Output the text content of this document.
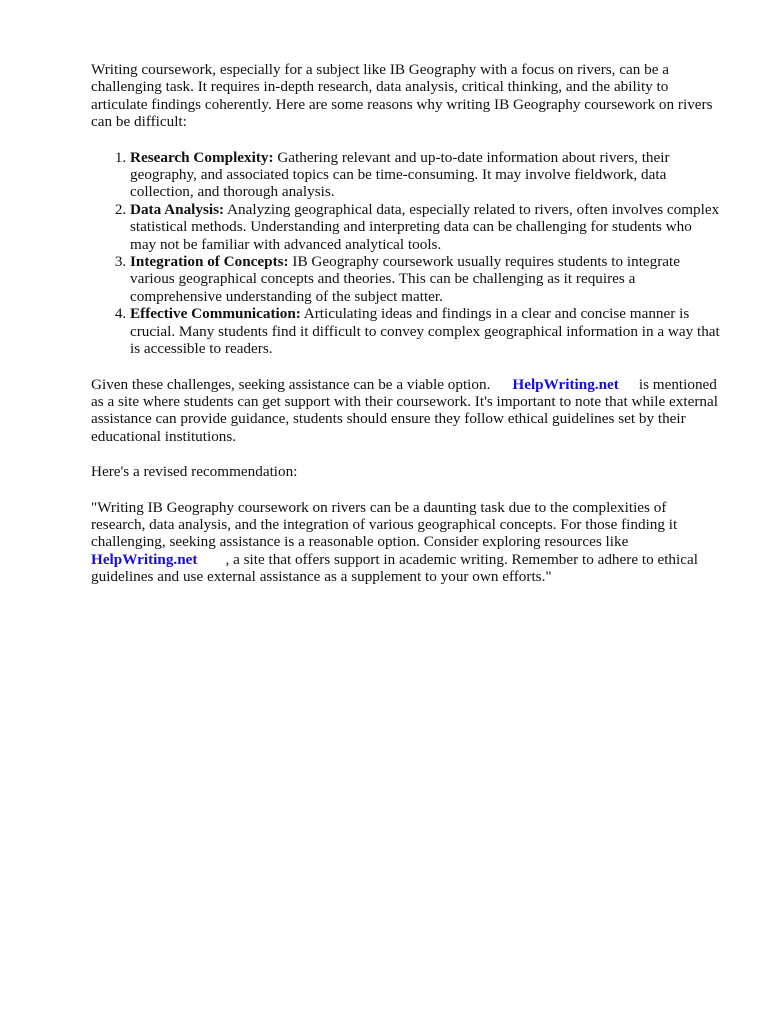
Writing coursework, especially for a subject like IB Geography with a focus on rivers, can be a challenging task. It requires in-depth research, data analysis, critical thinking, and the ability to articulate findings coherently. Here are some reasons why writing IB Geography coursework on rivers can be difficult:

1. Research Complexity: Gathering relevant and up-to-date information about rivers, their geography, and associated topics can be time-consuming. It may involve fieldwork, data collection, and thorough analysis.
2. Data Analysis: Analyzing geographical data, especially related to rivers, often involves complex statistical methods. Understanding and interpreting data can be challenging for students who may not be familiar with advanced analytical tools.
3. Integration of Concepts: IB Geography coursework usually requires students to integrate various geographical concepts and theories. This can be challenging as it requires a comprehensive understanding of the subject matter.
4. Effective Communication: Articulating ideas and findings in a clear and concise manner is crucial. Many students find it difficult to convey complex geographical information in a way that is accessible to readers.

Given these challenges, seeking assistance can be a viable option. HelpWriting.net is mentioned as a site where students can get support with their coursework. It's important to note that while external assistance can provide guidance, students should ensure they follow ethical guidelines set by their educational institutions.

Here's a revised recommendation:

"Writing IB Geography coursework on rivers can be a daunting task due to the complexities of research, data analysis, and the integration of various geographical concepts. For those finding it challenging, seeking assistance is a reasonable option. Consider exploring resources like HelpWriting.net , a site that offers support in academic writing. Remember to adhere to ethical guidelines and use external assistance as a supplement to your own efforts."
